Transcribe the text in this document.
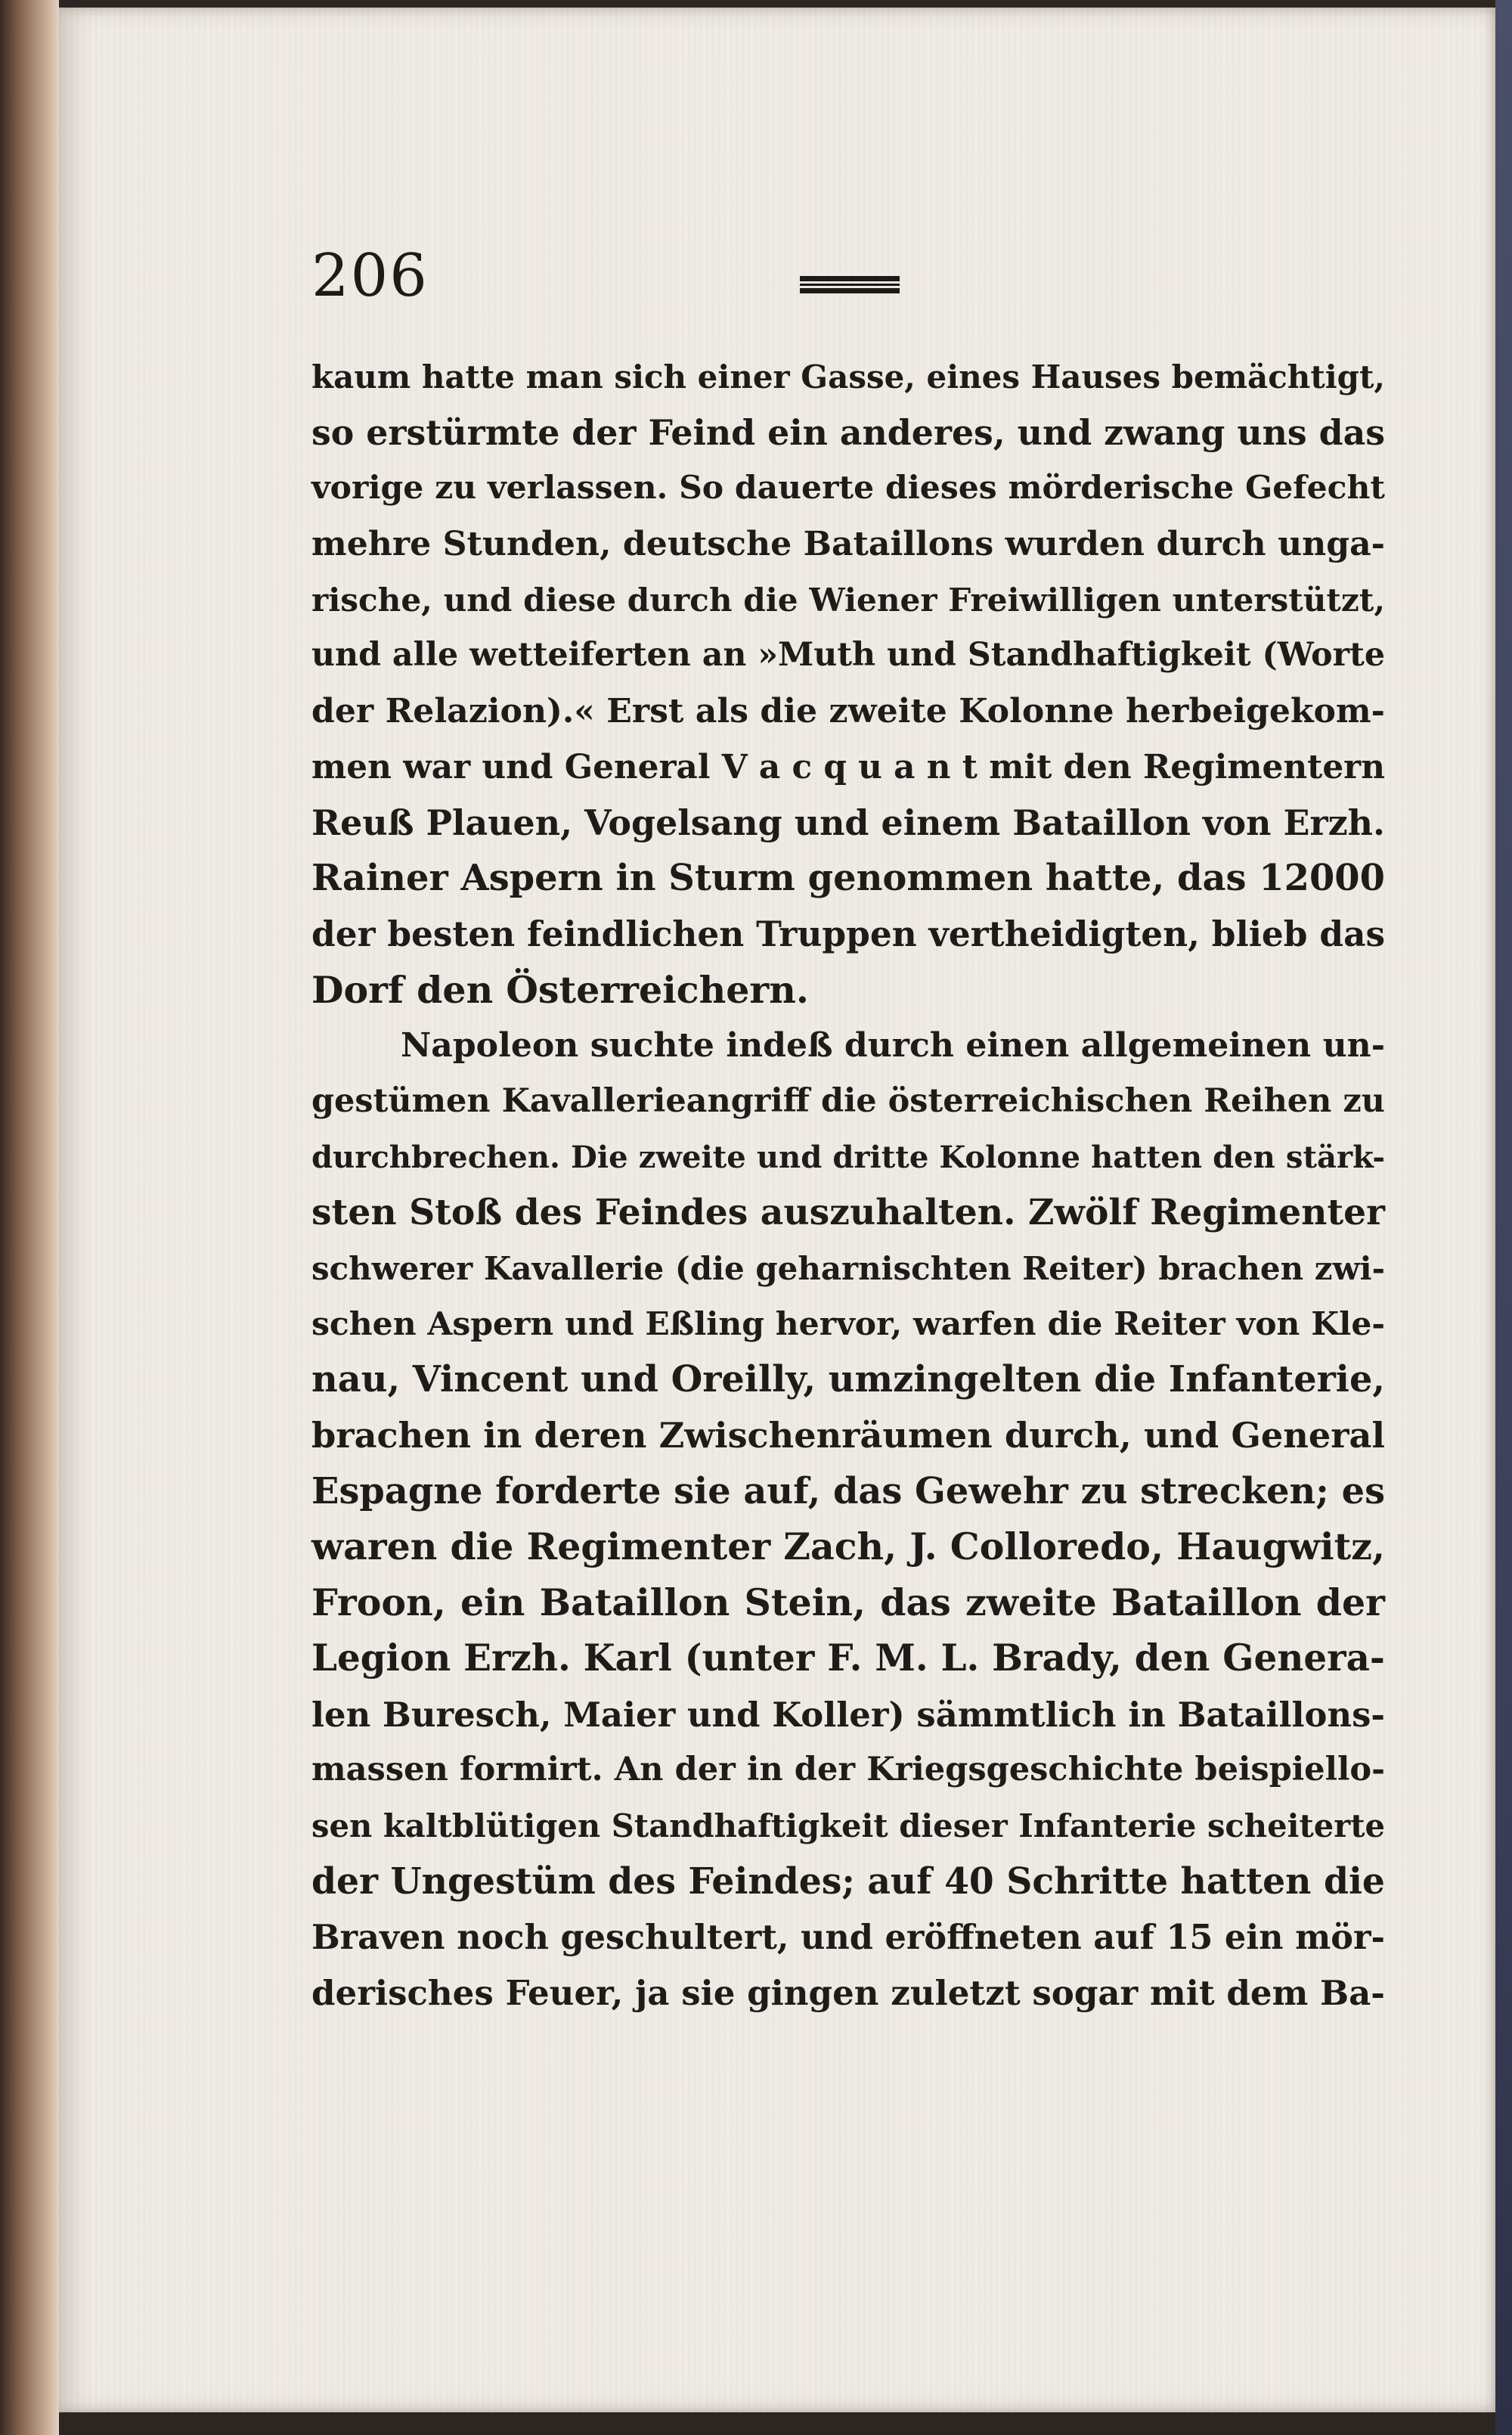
206
kaum hatte man sich einer Gasse, eines Hauses bemächtigt,
so erstürmte der Feind ein anderes, und zwang uns das
vorige zu verlassen. So dauerte dieses mörderische Gefecht
mehre Stunden, deutsche Bataillons wurden durch unga-
rische, und diese durch die Wiener Freiwilligen unterstützt,
und alle wetteiferten an »Muth und Standhaftigkeit (Worte
der Relazion).« Erst als die zweite Kolonne herbeigekom-
men war und General V a c q u a n t mit den Regimentern
Reuß Plauen, Vogelsang und einem Bataillon von Erzh.
Rainer Aspern in Sturm genommen hatte, das 12000
der besten feindlichen Truppen vertheidigten, blieb das
Dorf den Österreichern.
Napoleon suchte indeß durch einen allgemeinen un-
gestümen Kavallerieangriff die österreichischen Reihen zu
durchbrechen. Die zweite und dritte Kolonne hatten den stärk-
sten Stoß des Feindes auszuhalten. Zwölf Regimenter
schwerer Kavallerie (die geharnischten Reiter) brachen zwi-
schen Aspern und Eßling hervor, warfen die Reiter von Kle-
nau, Vincent und Oreilly, umzingelten die Infanterie,
brachen in deren Zwischenräumen durch, und General
Espagne forderte sie auf, das Gewehr zu strecken; es
waren die Regimenter Zach, J. Colloredo, Haugwitz,
Froon, ein Bataillon Stein, das zweite Bataillon der
Legion Erzh. Karl (unter F. M. L. Brady, den Genera-
len Buresch, Maier und Koller) sämmtlich in Bataillons-
massen formirt. An der in der Kriegsgeschichte beispiello-
sen kaltblütigen Standhaftigkeit dieser Infanterie scheiterte
der Ungestüm des Feindes; auf 40 Schritte hatten die
Braven noch geschultert, und eröffneten auf 15 ein mör-
derisches Feuer, ja sie gingen zuletzt sogar mit dem Ba-
